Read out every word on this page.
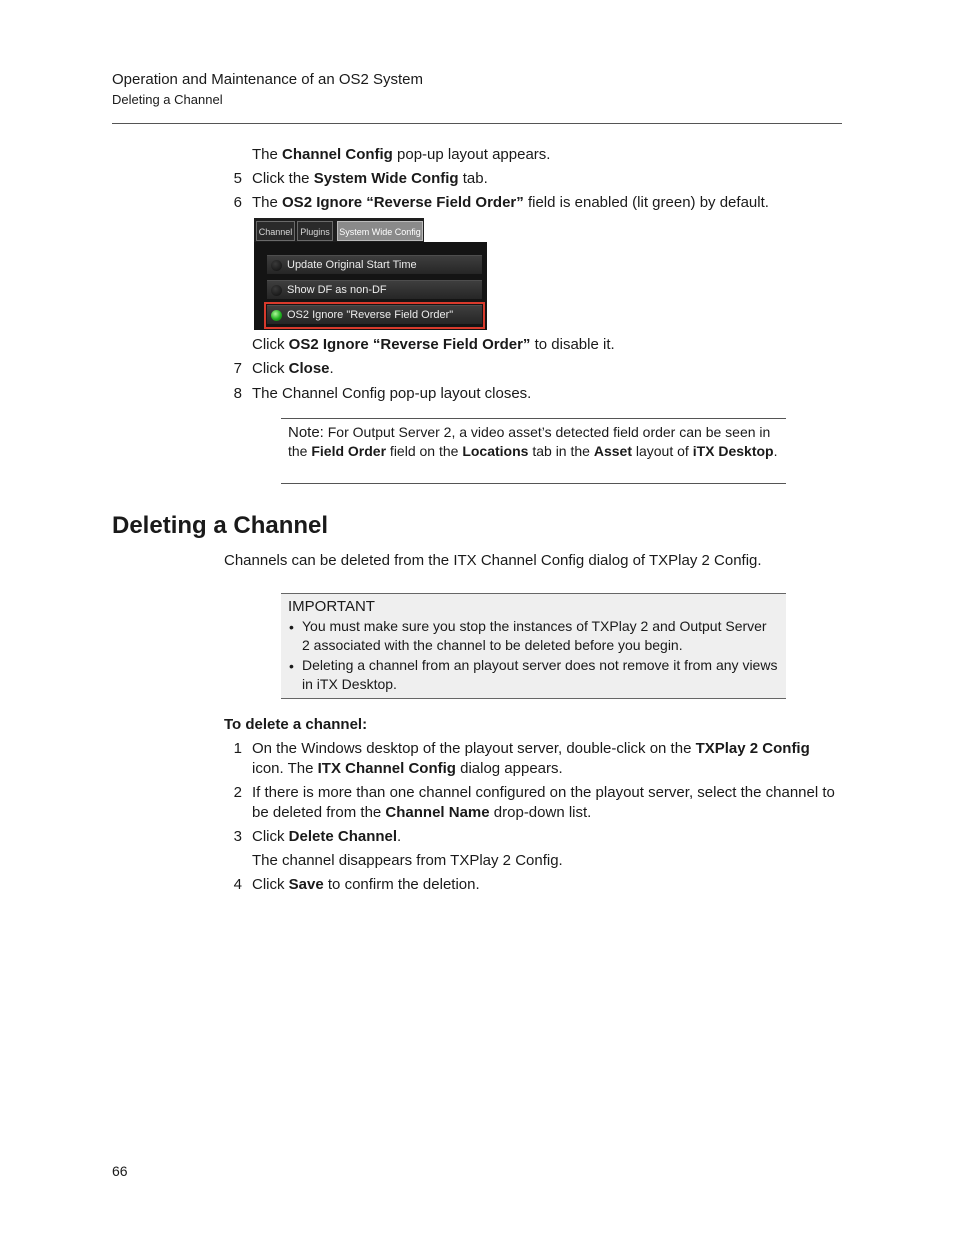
Operation and Maintenance of an OS2 System
Deleting a Channel
The Channel Config pop-up layout appears.
5 Click the System Wide Config tab.
6 The OS2 Ignore “Reverse Field Order” field is enabled (lit green) by default.
Channel Plugins	System Wide Config
Update Original Start Time
Show DF as non-DF
OS2 Ignore "Reverse Field Order"
Click OS2 Ignore “Reverse Field Order” to disable it.
7 Click Close.
8 The Channel Config pop-up layout closes.
Note: For Output Server 2, a video asset’s detected field order can be seen in the Field Order field on the Locations tab in the Asset layout of iTX Desktop.
Deleting a Channel
Channels can be deleted from the ITX Channel Config dialog of TXPlay 2 Config.
IMPORTANT
• You must make sure you stop the instances of TXPlay 2 and Output Server 2 associated with the channel to be deleted before you begin.
• Deleting a channel from an playout server does not remove it from any views in iTX Desktop.
To delete a channel:
1 On the Windows desktop of the playout server, double-click on the TXPlay 2 Config icon. The ITX Channel Config dialog appears.
2 If there is more than one channel configured on the playout server, select the channel to be deleted from the Channel Name drop-down list.
3 Click Delete Channel.
The channel disappears from TXPlay 2 Config.
4 Click Save to confirm the deletion.
66
